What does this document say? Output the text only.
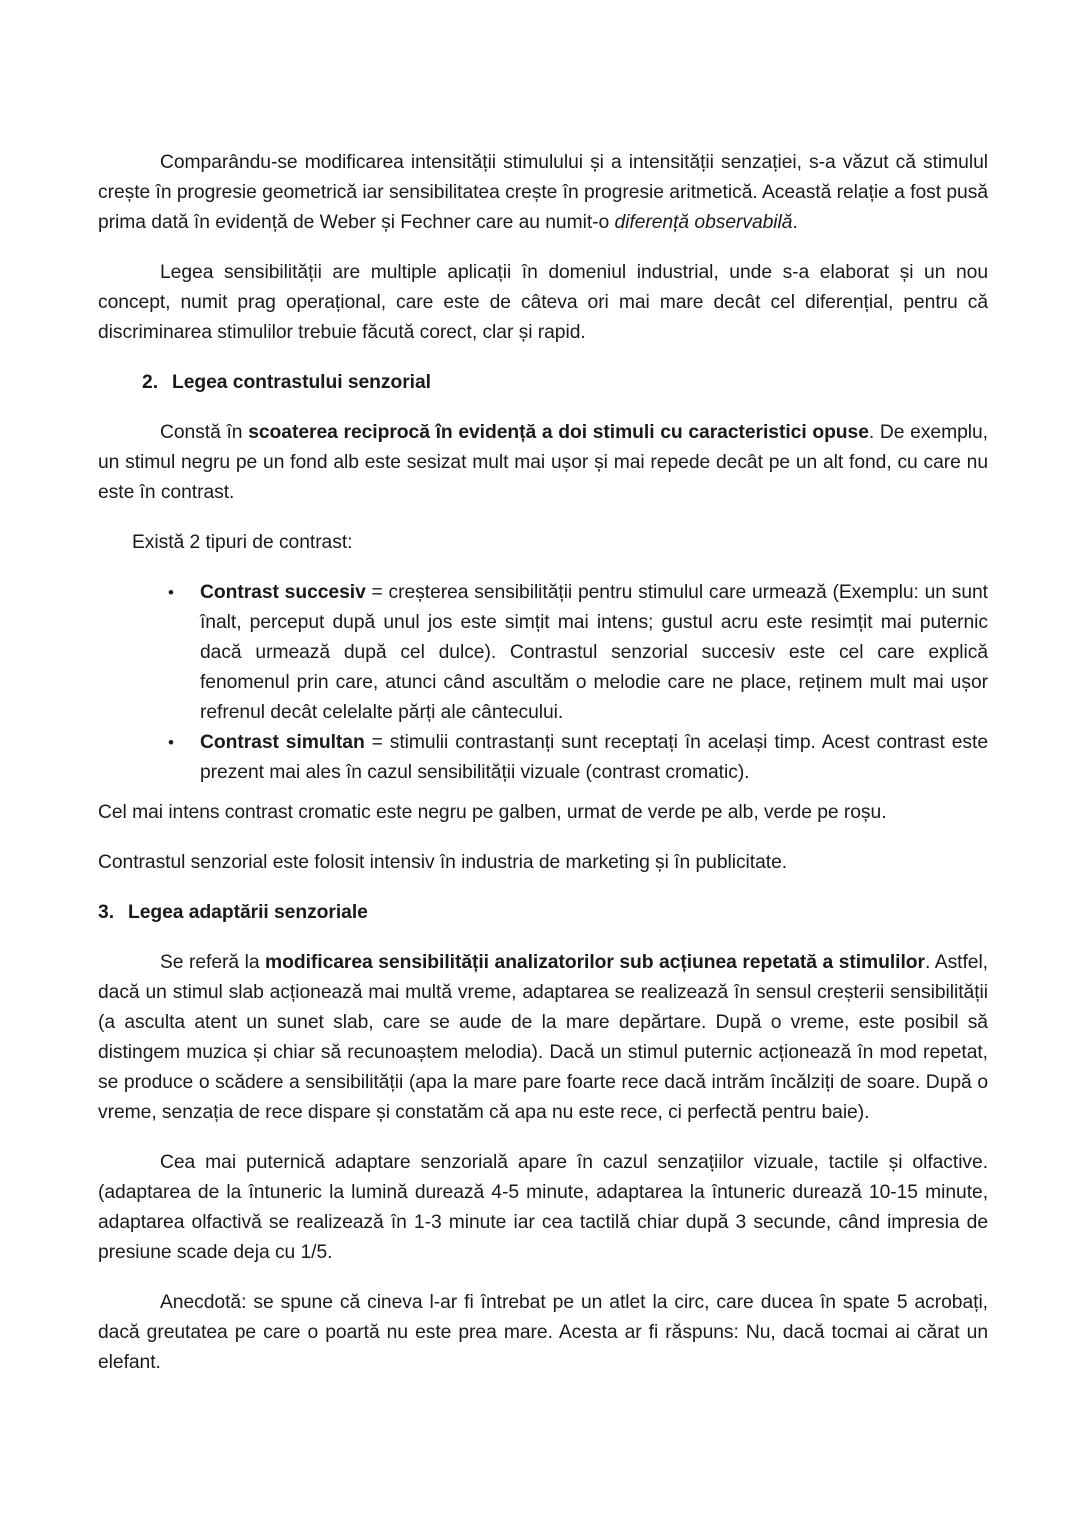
Comparându-se modificarea intensității stimulului și a intensității senzației, s-a văzut că stimulul crește în progresie geometrică iar sensibilitatea crește în progresie aritmetică. Această relație a fost pusă prima dată în evidență de Weber și Fechner care au numit-o diferență observabilă.

Legea sensibilității are multiple aplicații în domeniul industrial, unde s-a elaborat și un nou concept, numit prag operațional, care este de câteva ori mai mare decât cel diferențial, pentru că discriminarea stimulilor trebuie făcută corect, clar și rapid.

2. Legea contrastului senzorial

Constă în scoaterea reciprocă în evidență a doi stimuli cu caracteristici opuse. De exemplu, un stimul negru pe un fond alb este sesizat mult mai ușor și mai repede decât pe un alt fond, cu care nu este în contrast.

Există 2 tipuri de contrast:

•	Contrast succesiv = creșterea sensibilității pentru stimulul care urmează (Exemplu: un sunt înalt, perceput după unul jos este simțit mai intens; gustul acru este resimțit mai puternic dacă urmează după cel dulce). Contrastul senzorial succesiv este cel care explică fenomenul prin care, atunci când ascultăm o melodie care ne place, reținem mult mai ușor refrenul decât celelalte părți ale cântecului.
•	Contrast simultan = stimulii contrastanți sunt receptați în același timp. Acest contrast este prezent mai ales în cazul sensibilității vizuale (contrast cromatic).

Cel mai intens contrast cromatic este negru pe galben, urmat de verde pe alb, verde pe roșu.

Contrastul senzorial este folosit intensiv în industria de marketing și în publicitate.

3. Legea adaptării senzoriale

Se referă la modificarea sensibilității analizatorilor sub acțiunea repetată a stimulilor. Astfel, dacă un stimul slab acționează mai multă vreme, adaptarea se realizează în sensul creșterii sensibilității (a asculta atent un sunet slab, care se aude de la mare depărtare. După o vreme, este posibil să distingem muzica și chiar să recunoaștem melodia). Dacă un stimul puternic acționează în mod repetat, se produce o scădere a sensibilității (apa la mare pare foarte rece dacă intrăm încălziți de soare. După o vreme, senzația de rece dispare și constatăm că apa nu este rece, ci perfectă pentru baie).

Cea mai puternică adaptare senzorială apare în cazul senzațiilor vizuale, tactile și olfactive. (adaptarea de la întuneric la lumină durează 4-5 minute, adaptarea la întuneric durează 10-15 minute, adaptarea olfactivă se realizează în 1-3 minute iar cea tactilă chiar după 3 secunde, când impresia de presiune scade deja cu 1/5.

Anecdotă: se spune că cineva l-ar fi întrebat pe un atlet la circ, care ducea în spate 5 acrobați, dacă greutatea pe care o poartă nu este prea mare. Acesta ar fi răspuns: Nu, dacă tocmai ai cărat un elefant.
